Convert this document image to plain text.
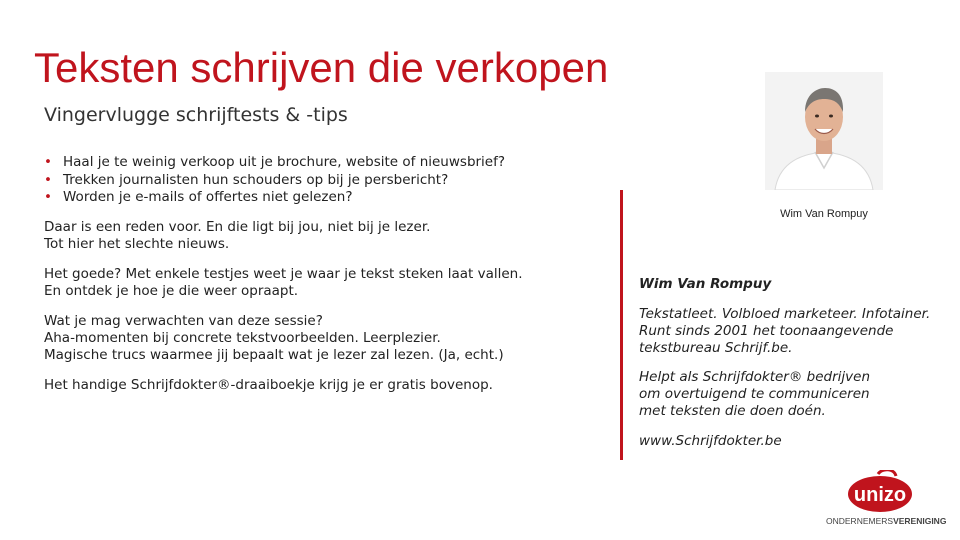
Teksten schrijven die verkopen
Vingervlugge schrijftests & -tips
• Haal je te weinig verkoop uit je brochure, website of nieuwsbrief?
• Trekken journalisten hun schouders op bij je persbericht?
• Worden je e-mails of offertes niet gelezen?
Daar is een reden voor. En die ligt bij jou, niet bij je lezer.
Tot hier het slechte nieuws.
Het goede? Met enkele testjes weet je waar je tekst steken laat vallen.
En ontdek je hoe je die weer opraapt.
Wat je mag verwachten van deze sessie?
Aha-momenten bij concrete tekstvoorbeelden. Leerplezier.
Magische trucs waarmee jij bepaalt wat je lezer zal lezen. (Ja, echt.)
Het handige Schrijfdokter®-draaiboekje krijg je er gratis bovenop.
Wim Van Rompuy
Wim Van Rompuy
Tekstatleet. Volbloed marketeer. Infotainer.
Runt sinds 2001 het toonaangevende
tekstbureau Schrijf.be.
Helpt als Schrijfdokter® bedrijven
om overtuigend te communiceren
met teksten die doen doén.
www.Schrijfdokter.be
unizo
ONDERNEMERSVERENIGING
